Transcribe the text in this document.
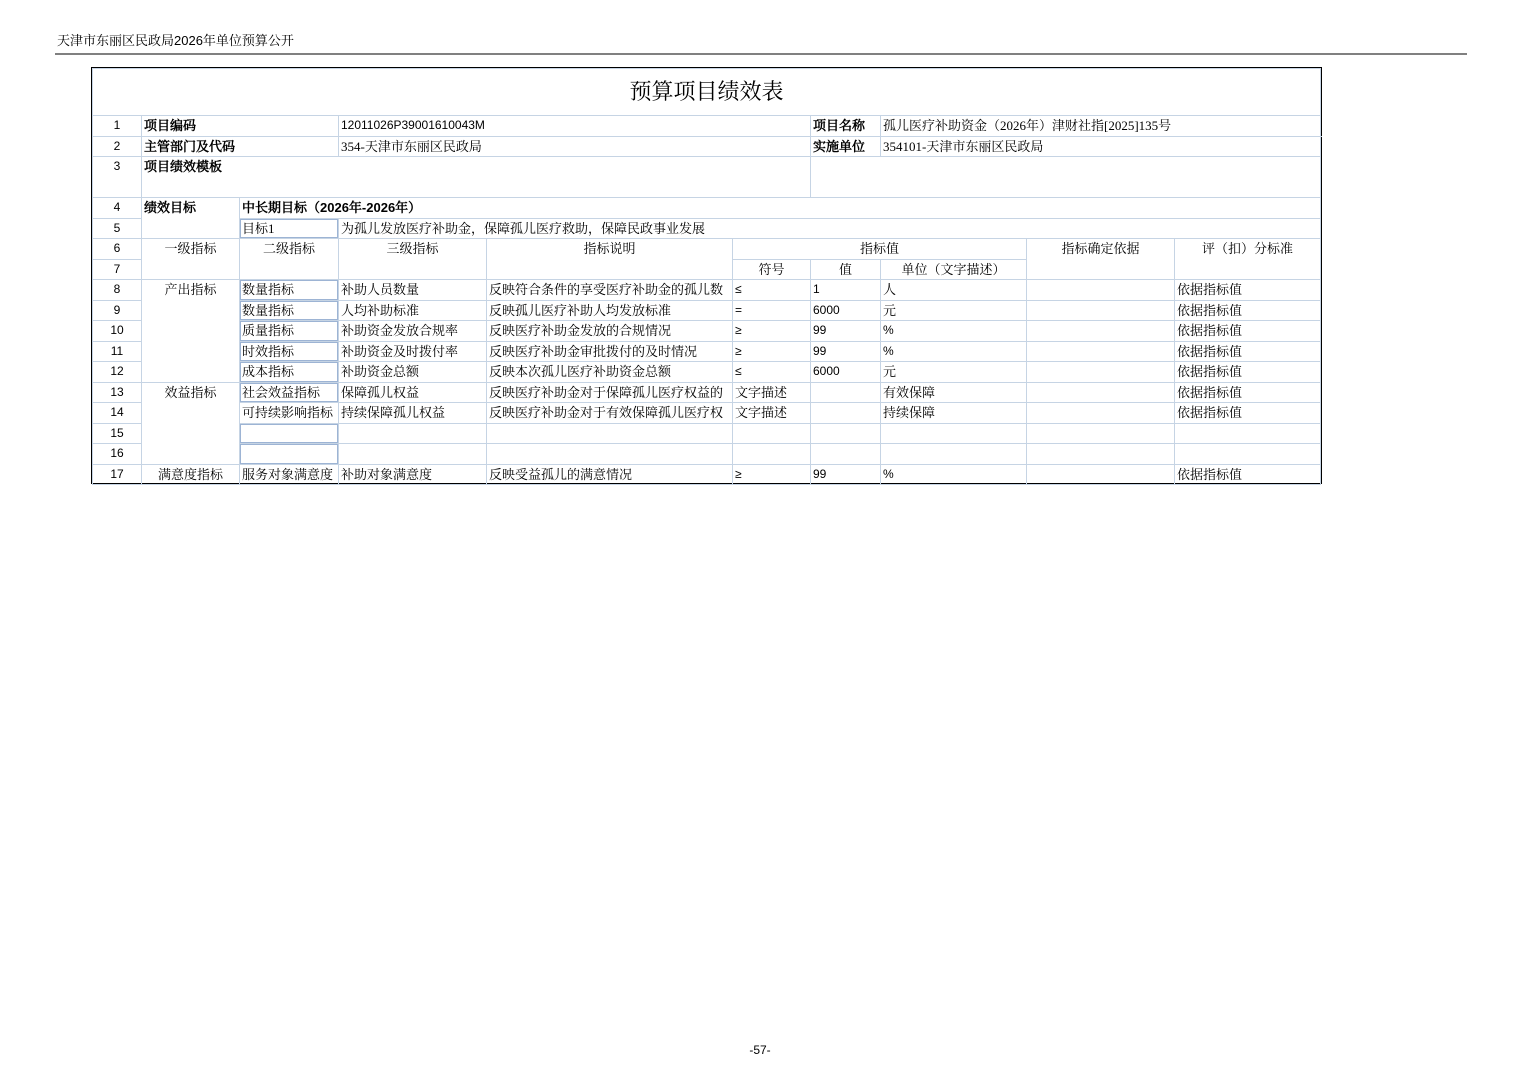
天津市东丽区民政局2026年单位预算公开
预算项目绩效表									
1	项目编码		12011026P39001610043M			项目名称	孤儿医疗补助资金（2026年）津财社指[2025]135号		
2	主管部门及代码		354-天津市东丽区民政局			实施单位	354101-天津市东丽区民政局		
3	项目绩效模板								
4	绩效目标	中长期目标（2026年-2026年）							
5		目标1	为孤儿发放医疗补助金，保障孤儿医疗救助，保障民政事业发展						
6	一级指标	二级指标	三级指标	指标说明	指标值			指标确定依据	评（扣）分标准
7					符号	值	单位（文字描述）		
8	产出指标	数量指标	补助人员数量	反映符合条件的享受医疗补助金的孤儿数	≤	1	人		依据指标值
9		数量指标	人均补助标准	反映孤儿医疗补助人均发放标准	=	6000	元		依据指标值
10		质量指标	补助资金发放合规率	反映医疗补助金发放的合规情况	≥	99	%		依据指标值
11		时效指标	补助资金及时拨付率	反映医疗补助金审批拨付的及时情况	≥	99	%		依据指标值
12		成本指标	补助资金总额	反映本次孤儿医疗补助资金总额	≤	6000	元		依据指标值
13	效益指标	社会效益指标	保障孤儿权益	反映医疗补助金对于保障孤儿医疗权益的	文字描述		有效保障		依据指标值
14		可持续影响指标	持续保障孤儿权益	反映医疗补助金对于有效保障孤儿医疗权	文字描述		持续保障		依据指标值
15									
16									
17	满意度指标	服务对象满意度	补助对象满意度	反映受益孤儿的满意情况	≥	99	%		依据指标值
-57-
